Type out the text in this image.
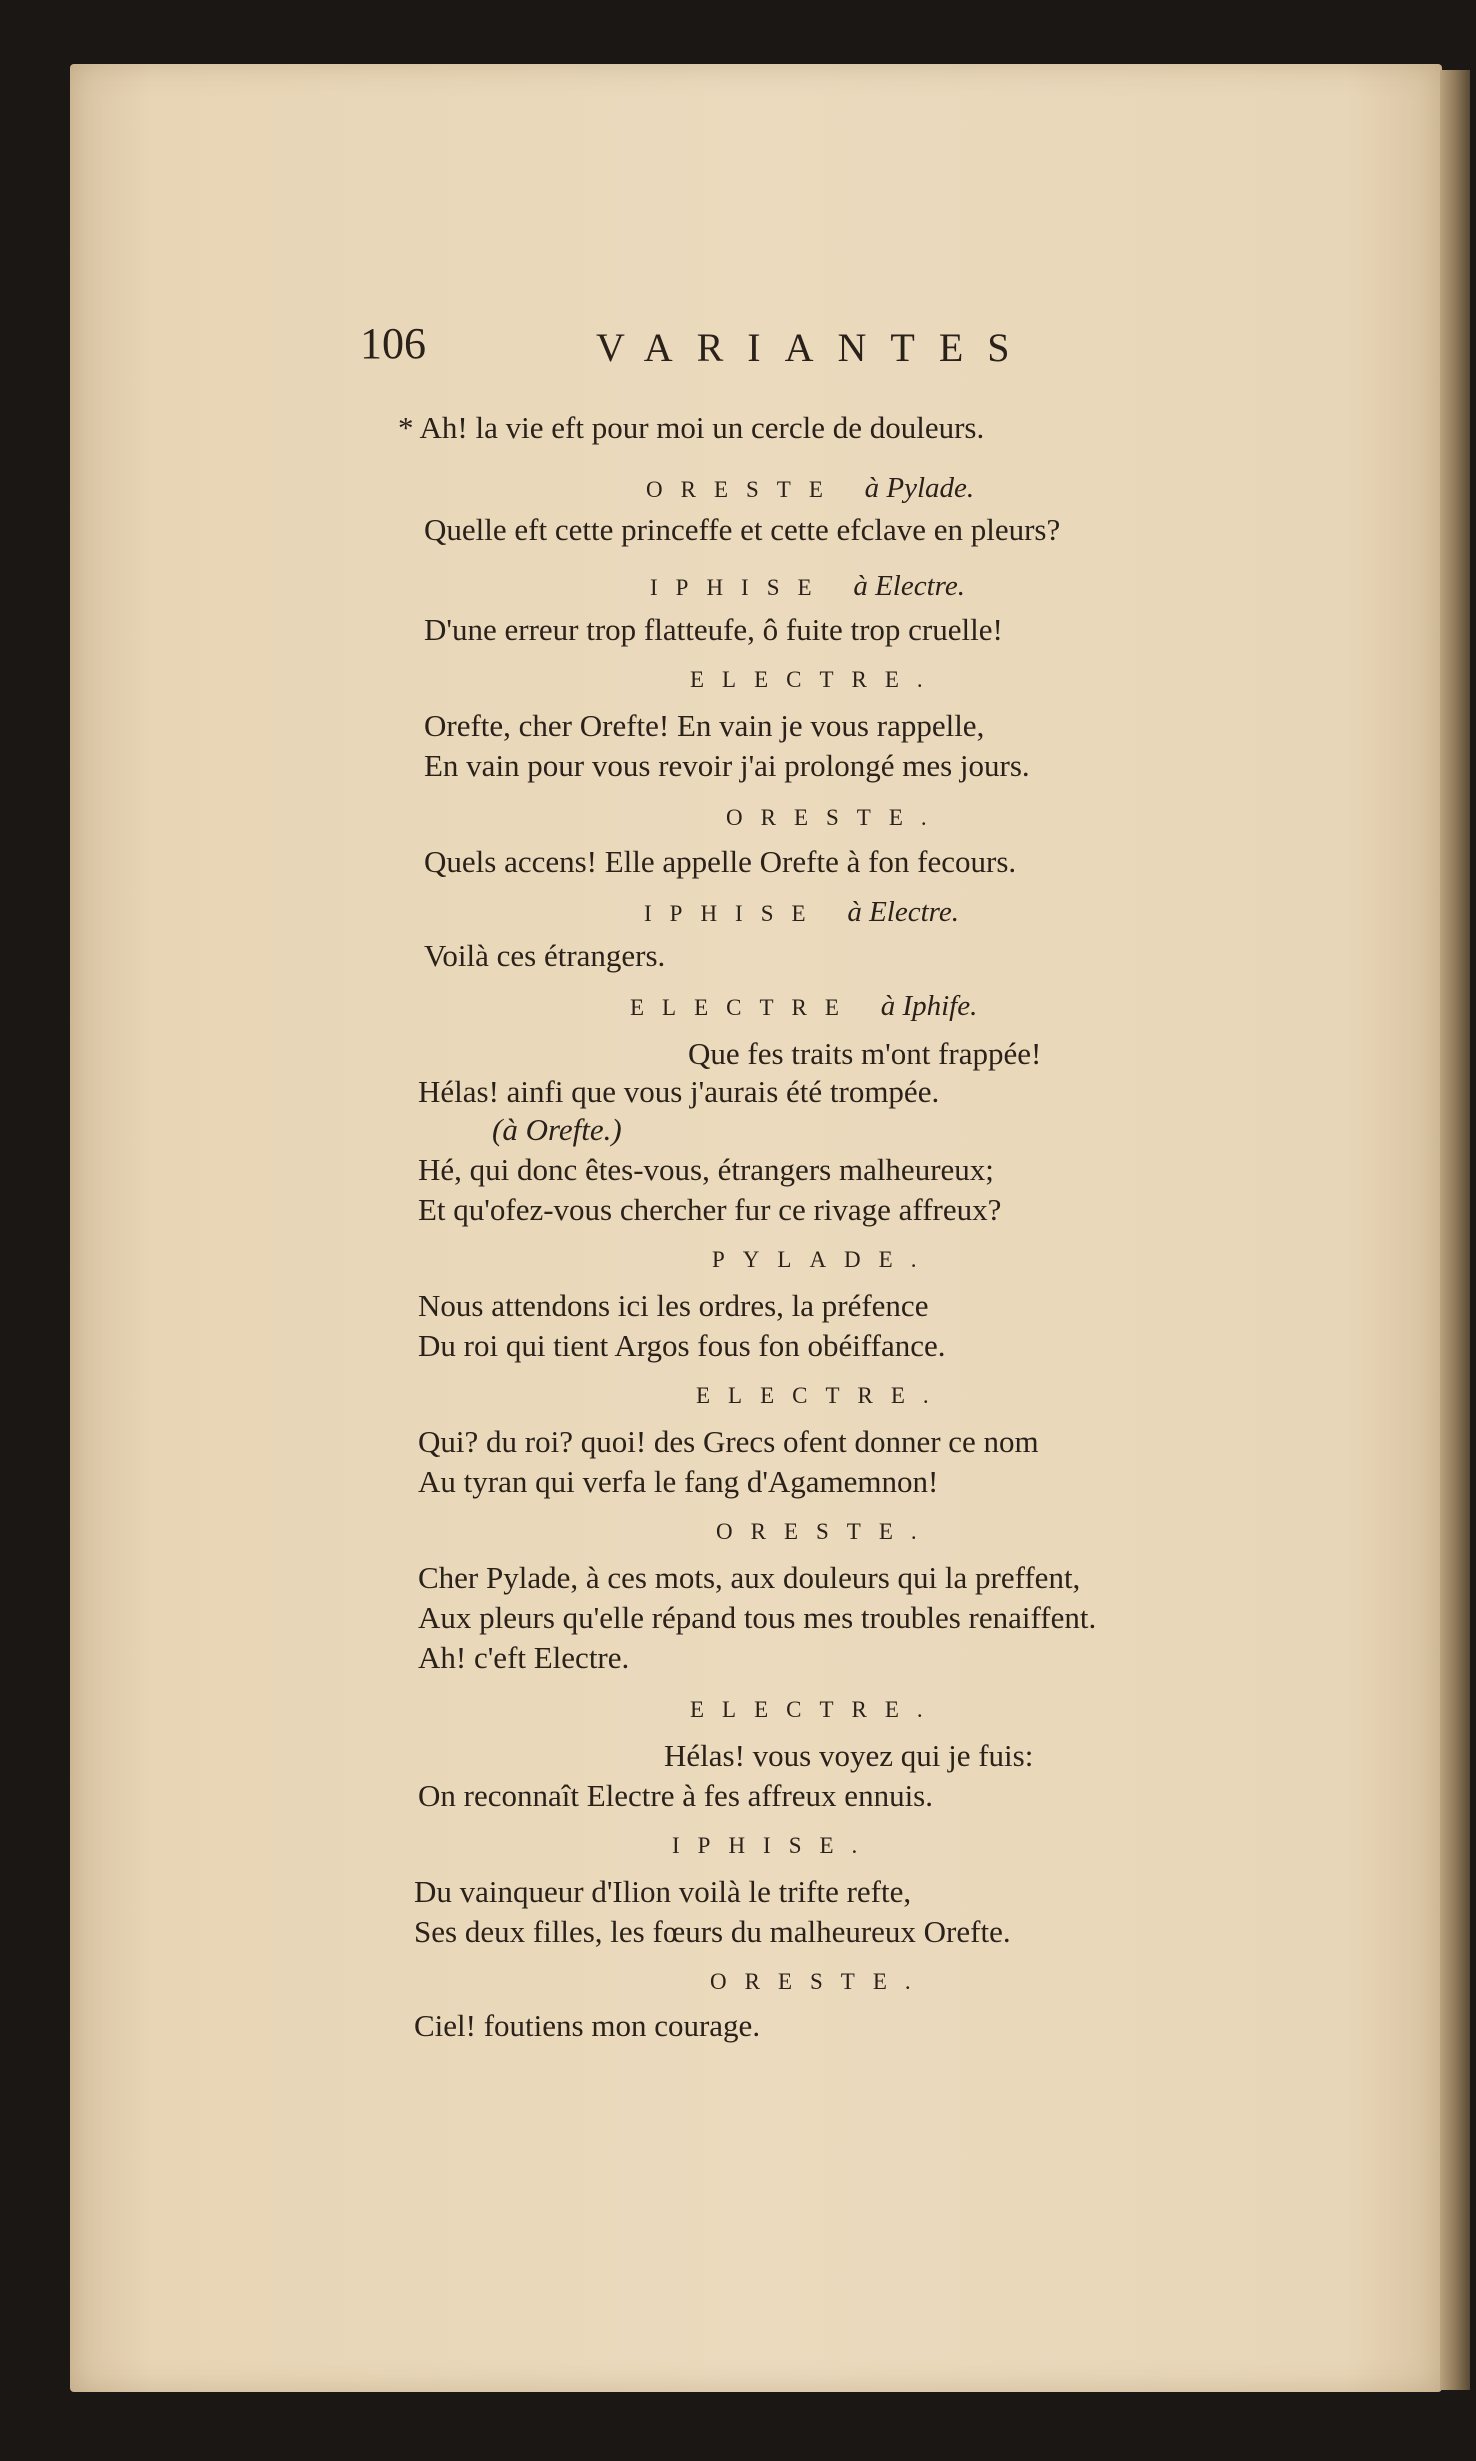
106	VARIANTES
* Ah! la vie eft pour moi un cercle de douleurs.
ORESTE à Pylade.
Quelle eft cette princeffe et cette efclave en pleurs?
IPHISE à Electre.
D'une erreur trop flatteufe, ô fuite trop cruelle!
ELECTRE.
Orefte, cher Orefte! En vain je vous rappelle,
En vain pour vous revoir j'ai prolongé mes jours.
ORESTE.
Quels accens! Elle appelle Orefte à fon fecours.
IPHISE à Electre.
Voilà ces étrangers.
ELECTRE à Iphife.
Que fes traits m'ont frappée!
Hélas! ainfi que vous j'aurais été trompée.
(à Orefte.)
Hé, qui donc êtes-vous, étrangers malheureux;
Et qu'ofez-vous chercher fur ce rivage affreux?
PYLADE.
Nous attendons ici les ordres, la préfence
Du roi qui tient Argos fous fon obéiffance.
ELECTRE.
Qui? du roi? quoi! des Grecs ofent donner ce nom
Au tyran qui verfa le fang d'Agamemnon!
ORESTE.
Cher Pylade, à ces mots, aux douleurs qui la preffent,
Aux pleurs qu'elle répand tous mes troubles renaiffent.
Ah! c'eft Electre.
ELECTRE.
Hélas! vous voyez qui je fuis:
On reconnaît Electre à fes affreux ennuis.
IPHISE.
Du vainqueur d'Ilion voilà le trifte refte,
Ses deux filles, les fœurs du malheureux Orefte.
ORESTE.
Ciel! foutiens mon courage.
